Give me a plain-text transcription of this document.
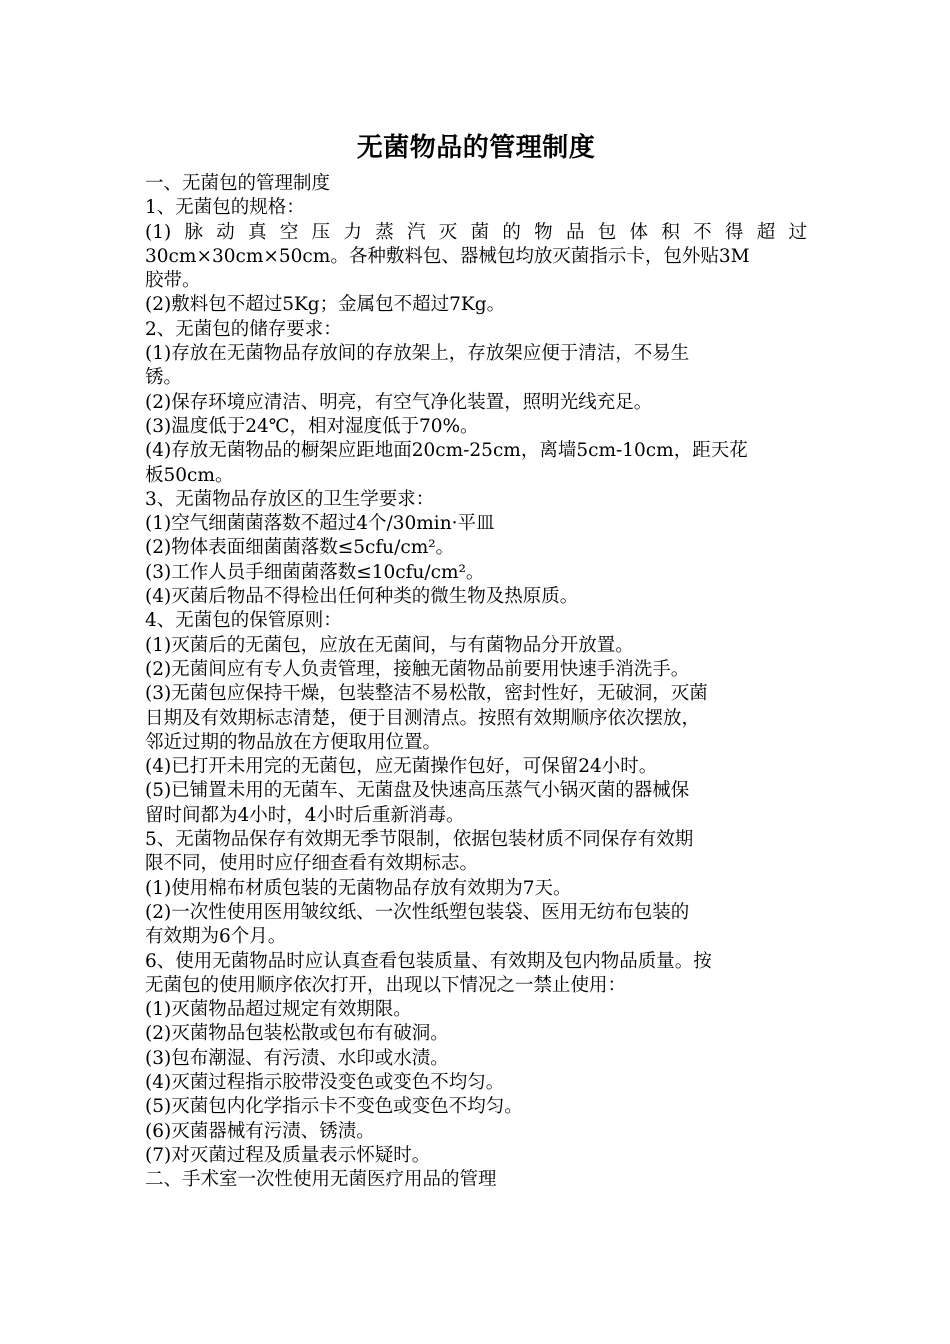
无菌物品的管理制度
一、无菌包的管理制度
1、无菌包的规格：
(1)脉动真空压力蒸汽灭菌的物品包体积不得超过
30cm×30cm×50cm。各种敷料包、器械包均放灭菌指示卡，包外贴3M
胶带。
(2)敷料包不超过5Kg；金属包不超过7Kg。
2、无菌包的储存要求：
(1)存放在无菌物品存放间的存放架上，存放架应便于清洁，不易生
锈。
(2)保存环境应清洁、明亮，有空气净化装置，照明光线充足。
(3)温度低于24℃，相对湿度低于70%。
(4)存放无菌物品的橱架应距地面20cm-25cm，离墙5cm-10cm，距天花
板50cm。
3、无菌物品存放区的卫生学要求：
(1)空气细菌菌落数不超过4个/30min·平皿
(2)物体表面细菌菌落数≤5cfu/cm²。
(3)工作人员手细菌菌落数≤10cfu/cm²。
(4)灭菌后物品不得检出任何种类的微生物及热原质。
4、无菌包的保管原则：
(1)灭菌后的无菌包，应放在无菌间，与有菌物品分开放置。
(2)无菌间应有专人负责管理，接触无菌物品前要用快速手消洗手。
(3)无菌包应保持干燥，包装整洁不易松散，密封性好，无破洞，灭菌
日期及有效期标志清楚，便于目测清点。按照有效期顺序依次摆放，
邻近过期的物品放在方便取用位置。
(4)已打开未用完的无菌包，应无菌操作包好，可保留24小时。
(5)已铺置未用的无菌车、无菌盘及快速高压蒸气小锅灭菌的器械保
留时间都为4小时，4小时后重新消毒。
5、无菌物品保存有效期无季节限制，依据包装材质不同保存有效期
限不同，使用时应仔细查看有效期标志。
(1)使用棉布材质包装的无菌物品存放有效期为7天。
(2)一次性使用医用皱纹纸、一次性纸塑包装袋、医用无纺布包装的
有效期为6个月。
6、使用无菌物品时应认真查看包装质量、有效期及包内物品质量。按
无菌包的使用顺序依次打开，出现以下情况之一禁止使用：
(1)灭菌物品超过规定有效期限。
(2)灭菌物品包装松散或包布有破洞。
(3)包布潮湿、有污渍、水印或水渍。
(4)灭菌过程指示胶带没变色或变色不均匀。
(5)灭菌包内化学指示卡不变色或变色不均匀。
(6)灭菌器械有污渍、锈渍。
(7)对灭菌过程及质量表示怀疑时。
二、手术室一次性使用无菌医疗用品的管理
